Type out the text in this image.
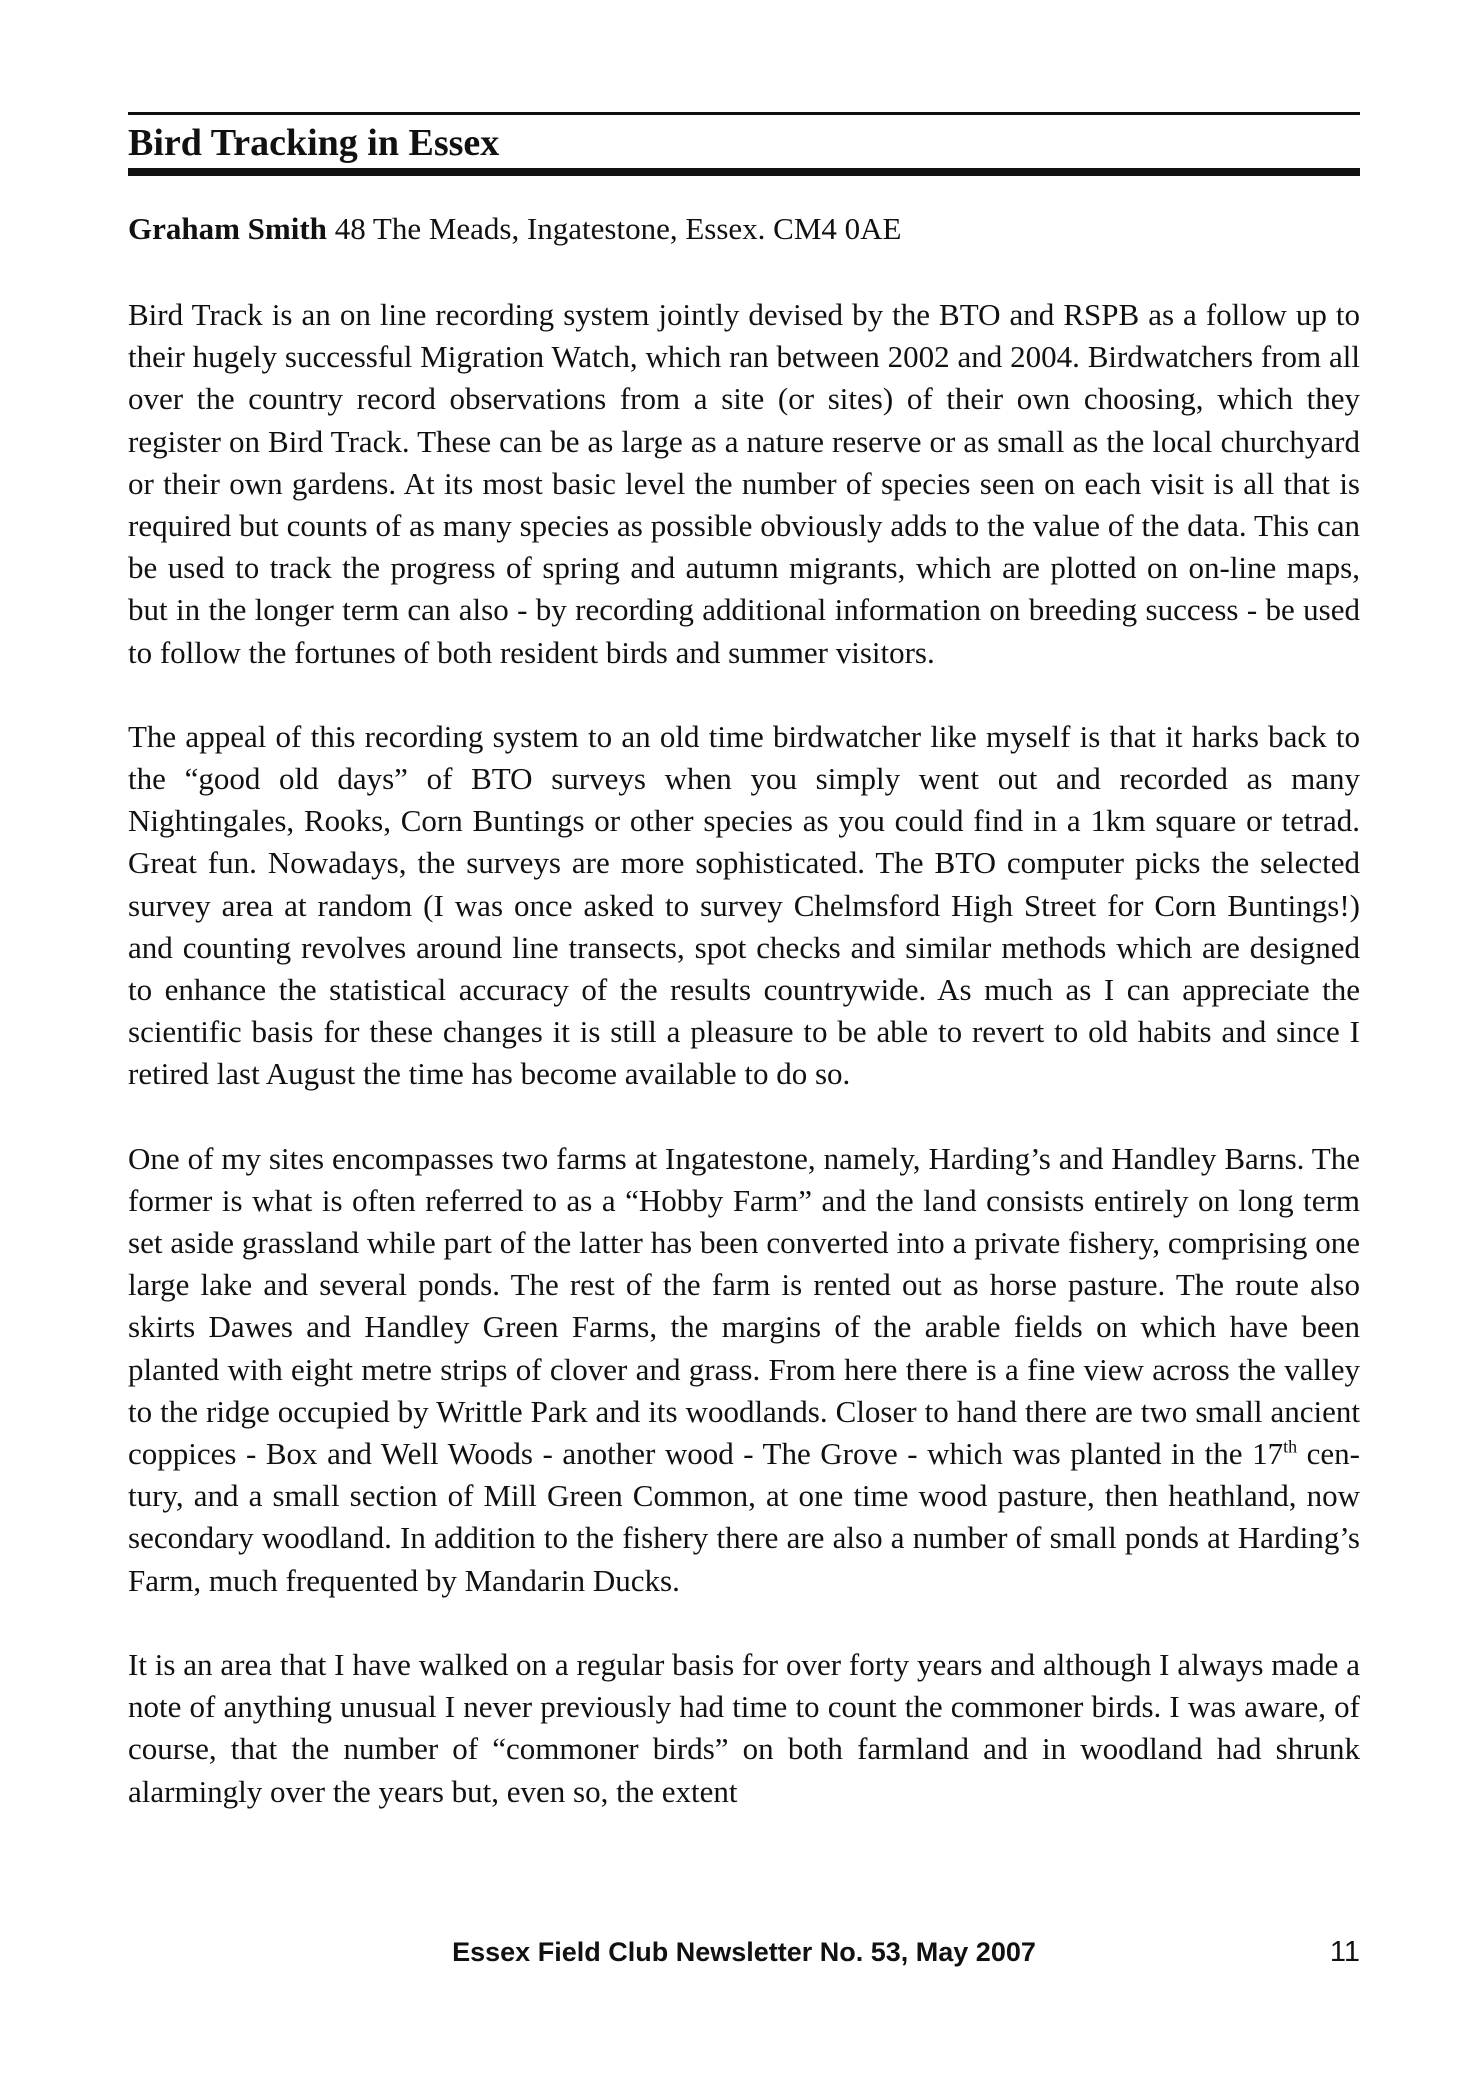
Bird Tracking in Essex
Graham Smith 48 The Meads, Ingatestone, Essex. CM4 0AE

Bird Track is an on line recording system jointly devised by the BTO and RSPB as a follow up to their hugely successful Migration Watch, which ran between 2002 and 2004. Birdwatchers from all over the country record observations from a site (or sites) of their own choosing, which they register on Bird Track. These can be as large as a nature reserve or as small as the local churchyard or their own gardens. At its most basic level the number of species seen on each visit is all that is required but counts of as many species as possible obviously adds to the value of the data. This can be used to track the progress of spring and autumn migrants, which are plotted on on-line maps, but in the longer term can also - by recording additional information on breeding success - be used to follow the fortunes of both resident birds and summer visitors.

The appeal of this recording system to an old time birdwatcher like myself is that it harks back to the “good old days” of BTO surveys when you simply went out and recorded as many Nightingales, Rooks, Corn Buntings or other species as you could find in a 1km square or tetrad. Great fun. Nowadays, the surveys are more sophisticated. The BTO computer picks the selected survey area at random (I was once asked to survey Chelmsford High Street for Corn Buntings!) and counting revolves around line transects, spot checks and similar methods which are designed to enhance the statistical accuracy of the results countrywide. As much as I can appreciate the scientific basis for these changes it is still a pleasure to be able to revert to old habits and since I retired last August the time has become available to do so.

One of my sites encompasses two farms at Ingatestone, namely, Harding’s and Handley Barns. The former is what is often referred to as a “Hobby Farm” and the land consists entirely on long term set aside grassland while part of the latter has been converted into a private fishery, comprising one large lake and several ponds. The rest of the farm is rented out as horse pasture. The route also skirts Dawes and Handley Green Farms, the margins of the arable fields on which have been planted with eight metre strips of clover and grass. From here there is a fine view across the valley to the ridge occupied by Writtle Park and its woodlands. Closer to hand there are two small ancient coppices - Box and Well Woods - another wood - The Grove - which was planted in the 17th century, and a small section of Mill Green Common, at one time wood pasture, then heathland, now secondary woodland. In addition to the fishery there are also a number of small ponds at Harding’s Farm, much frequented by Mandarin Ducks.

It is an area that I have walked on a regular basis for over forty years and although I always made a note of anything unusual I never previously had time to count the commoner birds. I was aware, of course, that the number of “commoner birds” on both farmland and in woodland had shrunk alarmingly over the years but, even so, the extent

Essex Field Club Newsletter No. 53, May 2007	11
